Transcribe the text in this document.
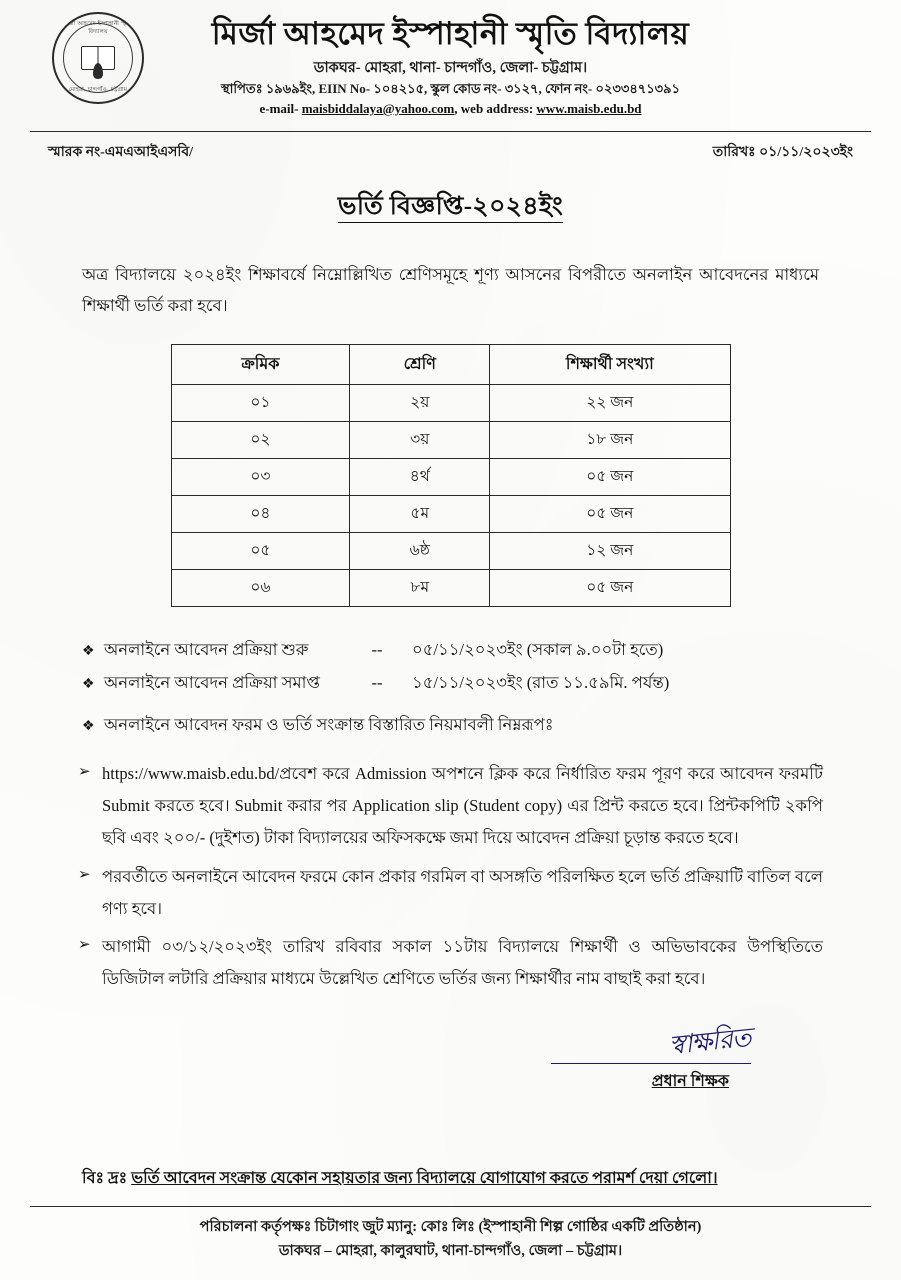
মির্জা আহমেদ ইস্পাহানী স্মৃতি বিদ্যালয়
মোহরা, চান্দগাঁও, চট্টগ্রাম
মির্জা আহমেদ ইস্পাহানী স্মৃতি বিদ্যালয়
ডাকঘর- মোহরা, থানা- চান্দগাঁও, জেলা- চট্টগ্রাম।
স্থাপিতঃ ১৯৬৯ইং, EIIN No- ১০৪২১৫, স্কুল কোড নং- ৩১২৭, ফোন নং- ০২৩৩৪৭১৩৯১
e-mail- maisbiddalaya@yahoo.com, web address: www.maisb.edu.bd
স্মারক নং-এমএআইএসবি/	তারিখঃ ০১/১১/২০২৩ইং
ভর্তি বিজ্ঞপ্তি-২০২৪ইং
অত্র বিদ্যালয়ে ২০২৪ইং শিক্ষাবর্ষে নিম্নোল্লিখিত শ্রেণিসমূহে শূণ্য আসনের বিপরীতে অনলাইন আবেদনের মাধ্যমে শিক্ষার্থী ভর্তি করা হবে।
ক্রমিক	শ্রেণি	শিক্ষার্থী সংখ্যা
০১	২য়	২২ জন
০২	৩য়	১৮ জন
০৩	৪র্থ	০৫ জন
০৪	৫ম	০৫ জন
০৫	৬ষ্ঠ	১২ জন
০৬	৮ম	০৫ জন
❖ অনলাইনে আবেদন প্রক্রিয়া শুরু	--	০৫/১১/২০২৩ইং (সকাল ৯.০০টা হতে)
❖ অনলাইনে আবেদন প্রক্রিয়া সমাপ্ত	--	১৫/১১/২০২৩ইং (রাত ১১.৫৯মি. পর্যন্ত)
❖ অনলাইনে আবেদন ফরম ও ভর্তি সংক্রান্ত বিস্তারিত নিয়মাবলী নিম্নরূপঃ
➢ https://www.maisb.edu.bd/প্রবেশ করে Admission অপশনে ক্লিক করে নির্ধারিত ফরম পূরণ করে আবেদন ফরমটি Submit করতে হবে। Submit করার পর Application slip (Student copy) এর প্রিন্ট করতে হবে। প্রিন্টকপিটি ২কপি ছবি এবং ২০০/- (দুইশত) টাকা বিদ্যালয়ের অফিসকক্ষে জমা দিয়ে আবেদন প্রক্রিয়া চূড়ান্ত করতে হবে।
➢ পরবর্তীতে অনলাইনে আবেদন ফরমে কোন প্রকার গরমিল বা অসঙ্গতি পরিলক্ষিত হলে ভর্তি প্রক্রিয়াটি বাতিল বলে গণ্য হবে।
➢ আগামী ০৩/১২/২০২৩ইং তারিখ রবিবার সকাল ১১টায় বিদ্যালয়ে শিক্ষার্থী ও অভিভাবকের উপস্থিতিতে ডিজিটাল লটারি প্রক্রিয়ার মাধ্যমে উল্লেখিত শ্রেণিতে ভর্তির জন্য শিক্ষার্থীর নাম বাছাই করা হবে।
স্বাক্ষরিত
প্রধান শিক্ষক
বিঃ দ্রঃ ভর্তি আবেদন সংক্রান্ত যেকোন সহায়তার জন্য বিদ্যালয়ে যোগাযোগ করতে পরামর্শ দেয়া গেলো।
পরিচালনা কর্তৃপক্ষঃ চিটাগাং জুট ম্যানু: কোঃ লিঃ (ইস্পাহানী শিল্প গোষ্ঠির একটি প্রতিষ্ঠান)
ডাকঘর – মোহরা, কালুরঘাট, থানা-চান্দগাঁও, জেলা – চট্টগ্রাম।
